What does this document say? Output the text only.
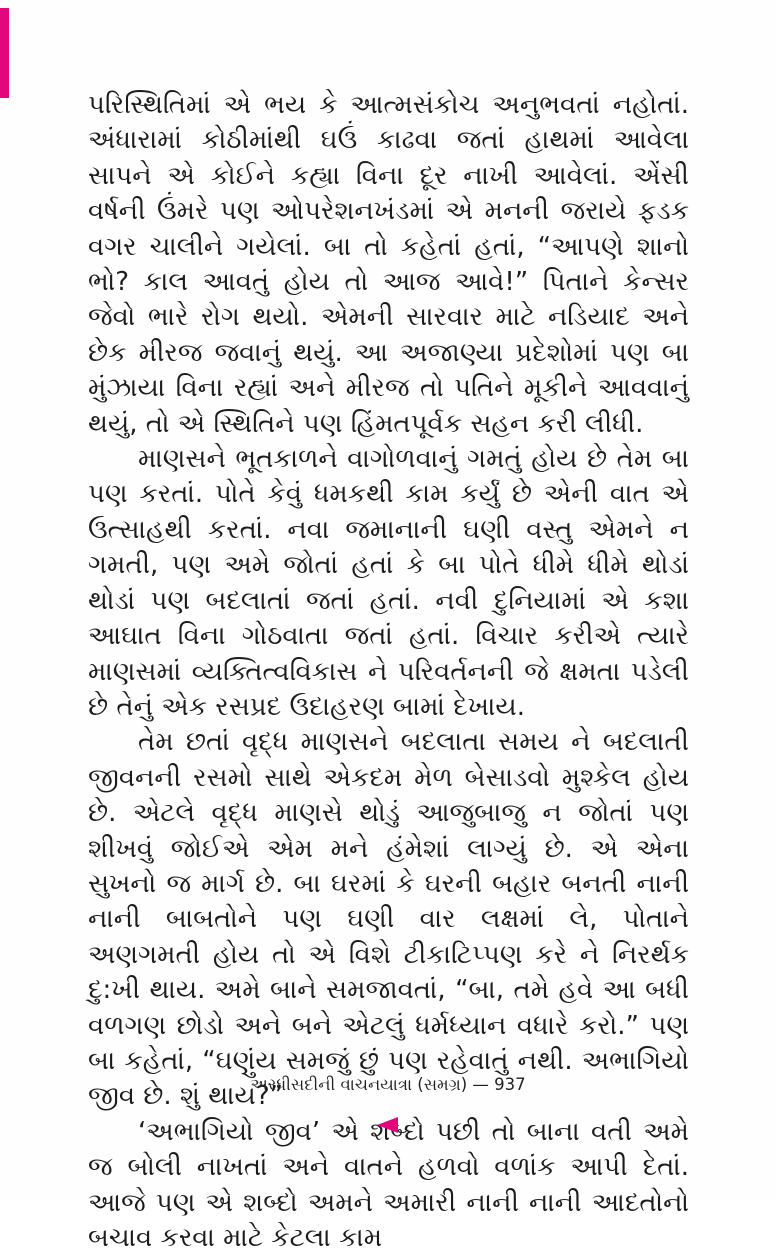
પરિસ્થિતિમાં એ ભય કે આત્મસંકોચ અનુભવતાં નહોતાં. અંધારામાં કોઠીમાંથી ઘઉં કાઢવા જતાં હાથમાં આવેલા સાપને એ કોઈને કહ્યા વિના દૂર નાખી આવેલાં. એંસી વર્ષની ઉંમરે પણ ઓપરેશનખંડમાં એ મનની જરાયે ફડક વગર ચાલીને ગયેલાં. બા તો કહેતાં હતાં, “આપણે શાનો ભો? કાલ આવતું હોય તો આજ આવે!” પિતાને કેન્સર જેવો ભારે રોગ થયો. એમની સારવાર માટે નડિયાદ અને છેક મીરજ જવાનું થયું. આ અજાણ્યા પ્રદેશોમાં પણ બા મુંઝાયા વિના રહ્યાં અને મીરજ તો પતિને મૂકીને આવવાનું થયું, તો એ સ્થિતિને પણ હિંમતપૂર્વક સહન કરી લીધી.

માણસને ભૂતકાળને વાગોળવાનું ગમતું હોય છે તેમ બા પણ કરતાં. પોતે કેવું ધમકથી કામ કર્યું છે એની વાત એ ઉત્સાહથી કરતાં. નવા જમાનાની ઘણી વસ્તુ એમને ન ગમતી, પણ અમે જોતાં હતાં કે બા પોતે ધીમે ધીમે થોડાં થોડાં પણ બદલાતાં જતાં હતાં. નવી દુનિયામાં એ કશા આઘાત વિના ગોઠવાતા જતાં હતાં. વિચાર કરીએ ત્યારે માણસમાં વ્યક્તિત્વવિકાસ ને પરિવર્તનની જે ક્ષમતા પડેલી છે તેનું એક રસપ્રદ ઉદાહરણ બામાં દેખાય.

તેમ છતાં વૃદ્ધ માણસને બદલાતા સમય ને બદલાતી જીવનની રસમો સાથે એકદમ મેળ બેસાડવો મુશ્કેલ હોય છે. એટલે વૃદ્ધ માણસે થોડું આજુબાજુ ન જોતાં પણ શીખવું જોઈએ એમ મને હંમેશાં લાગ્યું છે. એ એના સુખનો જ માર્ગ છે. બા ઘરમાં કે ઘરની બહાર બનતી નાની નાની બાબતોને પણ ઘણી વાર લક્ષમાં લે, પોતાને અણગમતી હોય તો એ વિશે ટીકાટિપ્પણ કરે ને નિરર્થક દુ:ખી થાય. અમે બાને સમજાવતાં, “બા, તમે હવે આ બધી વળગણ છોડો અને બને એટલું ધર્મધ્યાન વધારે કરો.” પણ બા કહેતાં, “ઘણુંય સમજું છું પણ રહેવાતું નથી. અભાગિયો જીવ છે. શું થાય?”

‘અભાગિયો જીવ’ એ શબ્દો પછી તો બાના વતી અમે જ બોલી નાખતાં અને વાતને હળવો વળાંક આપી દેતાં. આજે પણ એ શબ્દો અમને અમારી નાની નાની આદતોનો બચાવ કરવા માટે કેટલા કામ

અરધીસદીની વાચનયાત્રા (સમગ્ર) — 937
